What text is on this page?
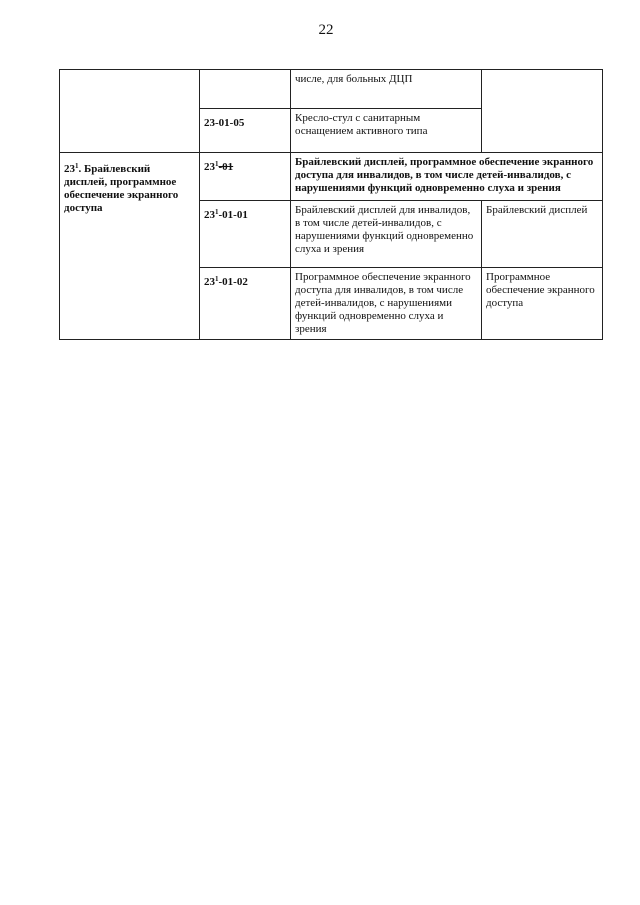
22

		числе, для больных ДЦП	

	23-01-05	Кресло-стул с санитарным оснащением активного типа	

$23^1$. Брайлевский дисплей, программное обеспечение экранного доступа	$23^1-01$	Брайлевский дисплей, программное обеспечение экранного доступа для инвалидов, в том числе детей-инвалидов, с нарушениями функций одновременно слуха и зрения	

	$23^1-01-01$	Брайлевский дисплей для инвалидов, в том числе детей-инвалидов, с нарушениями функций одновременно слуха и зрения	Брайлевский дисплей

	$23^1-01-02$	Программное обеспечение экранного доступа для инвалидов, в том числе детей-инвалидов, с нарушениями функций одновременно слуха и зрения	Программное обеспечение экранного доступа
